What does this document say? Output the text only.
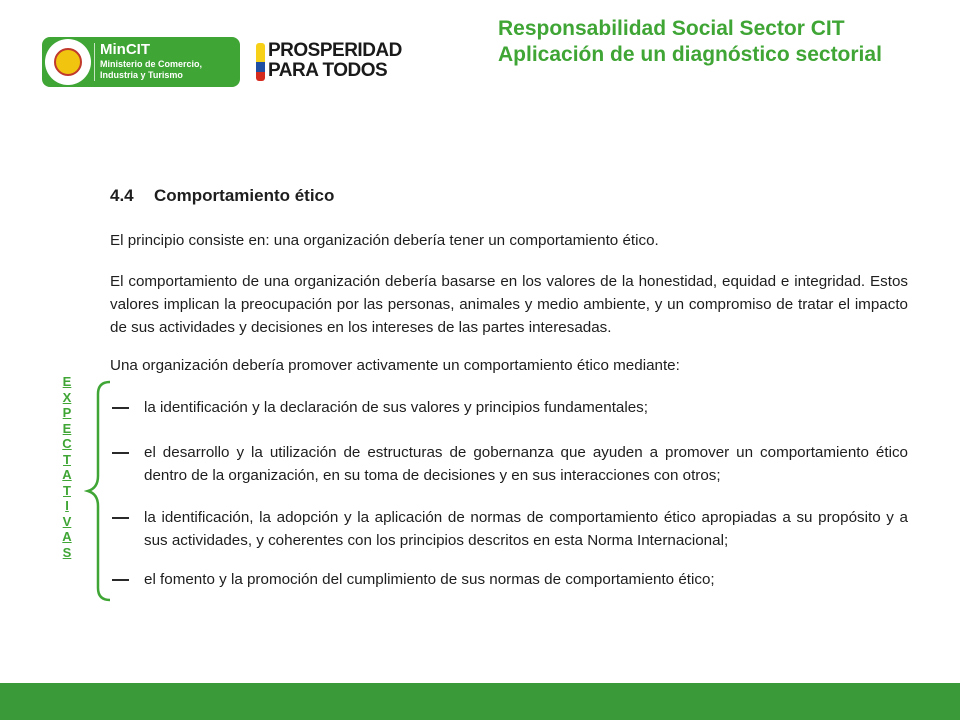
Responsabilidad Social Sector CIT
Aplicación de un diagnóstico sectorial
MinCIT
Ministerio de Comercio,
Industria y Turismo
PROSPERIDAD
PARA TODOS
4.4 Comportamiento ético
El principio consiste en: una organización debería tener un comportamiento ético.
El comportamiento de una organización debería basarse en los valores de la honestidad, equidad e integridad. Estos valores implican la preocupación por las personas, animales y medio ambiente, y un compromiso de tratar el impacto de sus actividades y decisiones en los intereses de las partes interesadas.
Una organización debería promover activamente un comportamiento ético mediante:
la identificación y la declaración de sus valores y principios fundamentales;
el desarrollo y la utilización de estructuras de gobernanza que ayuden a promover un comportamiento ético dentro de la organización, en su toma de decisiones y en sus interacciones con otros;
la identificación, la adopción y la aplicación de normas de comportamiento ético apropiadas a su propósito y a sus actividades, y coherentes con los principios descritos en esta Norma Internacional;
el fomento y la promoción del cumplimiento de sus normas de comportamiento ético;
E
X
P
E
C
T
A
T
I
V
A
S
